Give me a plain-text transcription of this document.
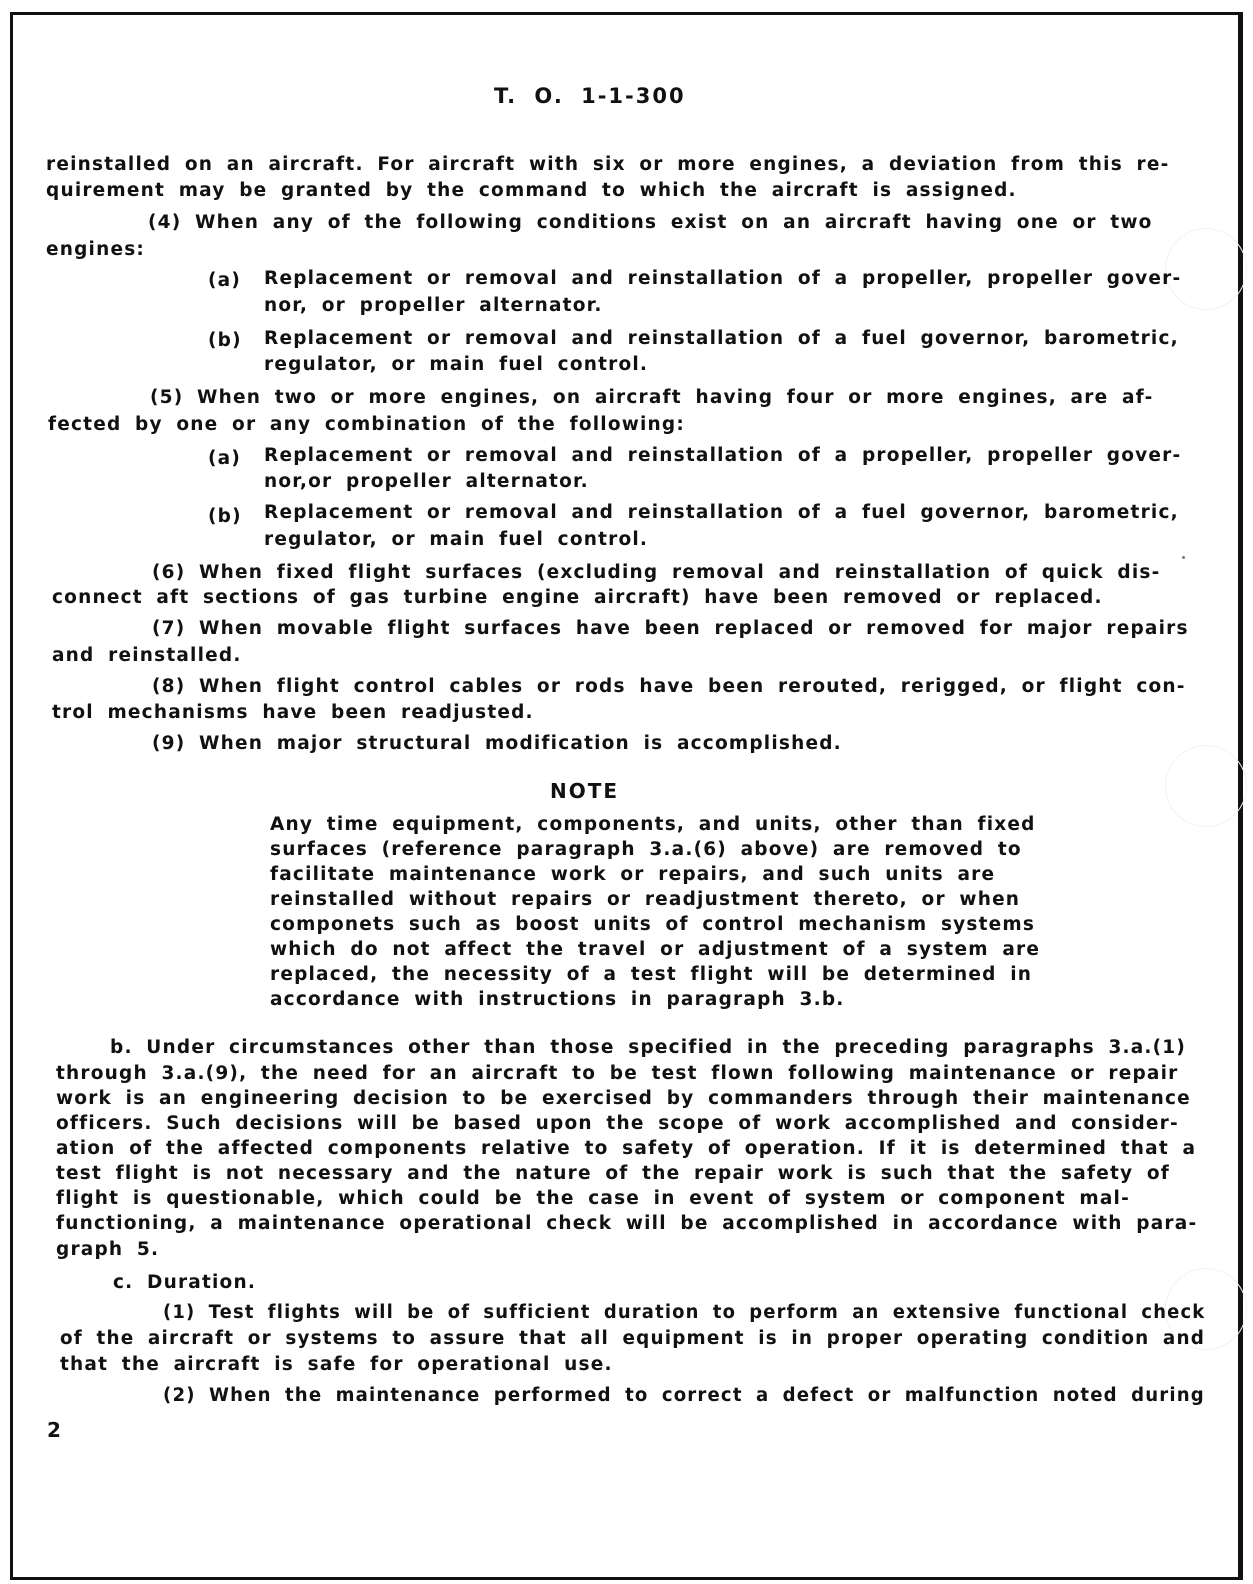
T. O. 1-1-300
reinstalled on an aircraft. For aircraft with six or more engines, a deviation from this re-
quirement may be granted by the command to which the aircraft is assigned.
(4) When any of the following conditions exist on an aircraft having one or two
engines:
(a) Replacement or removal and reinstallation of a propeller, propeller gover-
nor, or propeller alternator.
(b) Replacement or removal and reinstallation of a fuel governor, barometric,
regulator, or main fuel control.
(5) When two or more engines, on aircraft having four or more engines, are af-
fected by one or any combination of the following:
(a) Replacement or removal and reinstallation of a propeller, propeller gover-
nor,or propeller alternator.
(b) Replacement or removal and reinstallation of a fuel governor, barometric,
regulator, or main fuel control.
(6) When fixed flight surfaces (excluding removal and reinstallation of quick dis-
connect aft sections of gas turbine engine aircraft) have been removed or replaced.
(7) When movable flight surfaces have been replaced or removed for major repairs
and reinstalled.
(8) When flight control cables or rods have been rerouted, rerigged, or flight con-
trol mechanisms have been readjusted.
(9) When major structural modification is accomplished.
NOTE
Any time equipment, components, and units, other than fixed
surfaces (reference paragraph 3.a.(6) above) are removed to
facilitate maintenance work or repairs, and such units are
reinstalled without repairs or readjustment thereto, or when
componets such as boost units of control mechanism systems
which do not affect the travel or adjustment of a system are
replaced, the necessity of a test flight will be determined in
accordance with instructions in paragraph 3.b.
b. Under circumstances other than those specified in the preceding paragraphs 3.a.(1)
through 3.a.(9), the need for an aircraft to be test flown following maintenance or repair
work is an engineering decision to be exercised by commanders through their maintenance
officers. Such decisions will be based upon the scope of work accomplished and consider-
ation of the affected components relative to safety of operation. If it is determined that a
test flight is not necessary and the nature of the repair work is such that the safety of
flight is questionable, which could be the case in event of system or component mal-
functioning, a maintenance operational check will be accomplished in accordance with para-
graph 5.
c. Duration.
(1) Test flights will be of sufficient duration to perform an extensive functional check
of the aircraft or systems to assure that all equipment is in proper operating condition and
that the aircraft is safe for operational use.
(2) When the maintenance performed to correct a defect or malfunction noted during
2
